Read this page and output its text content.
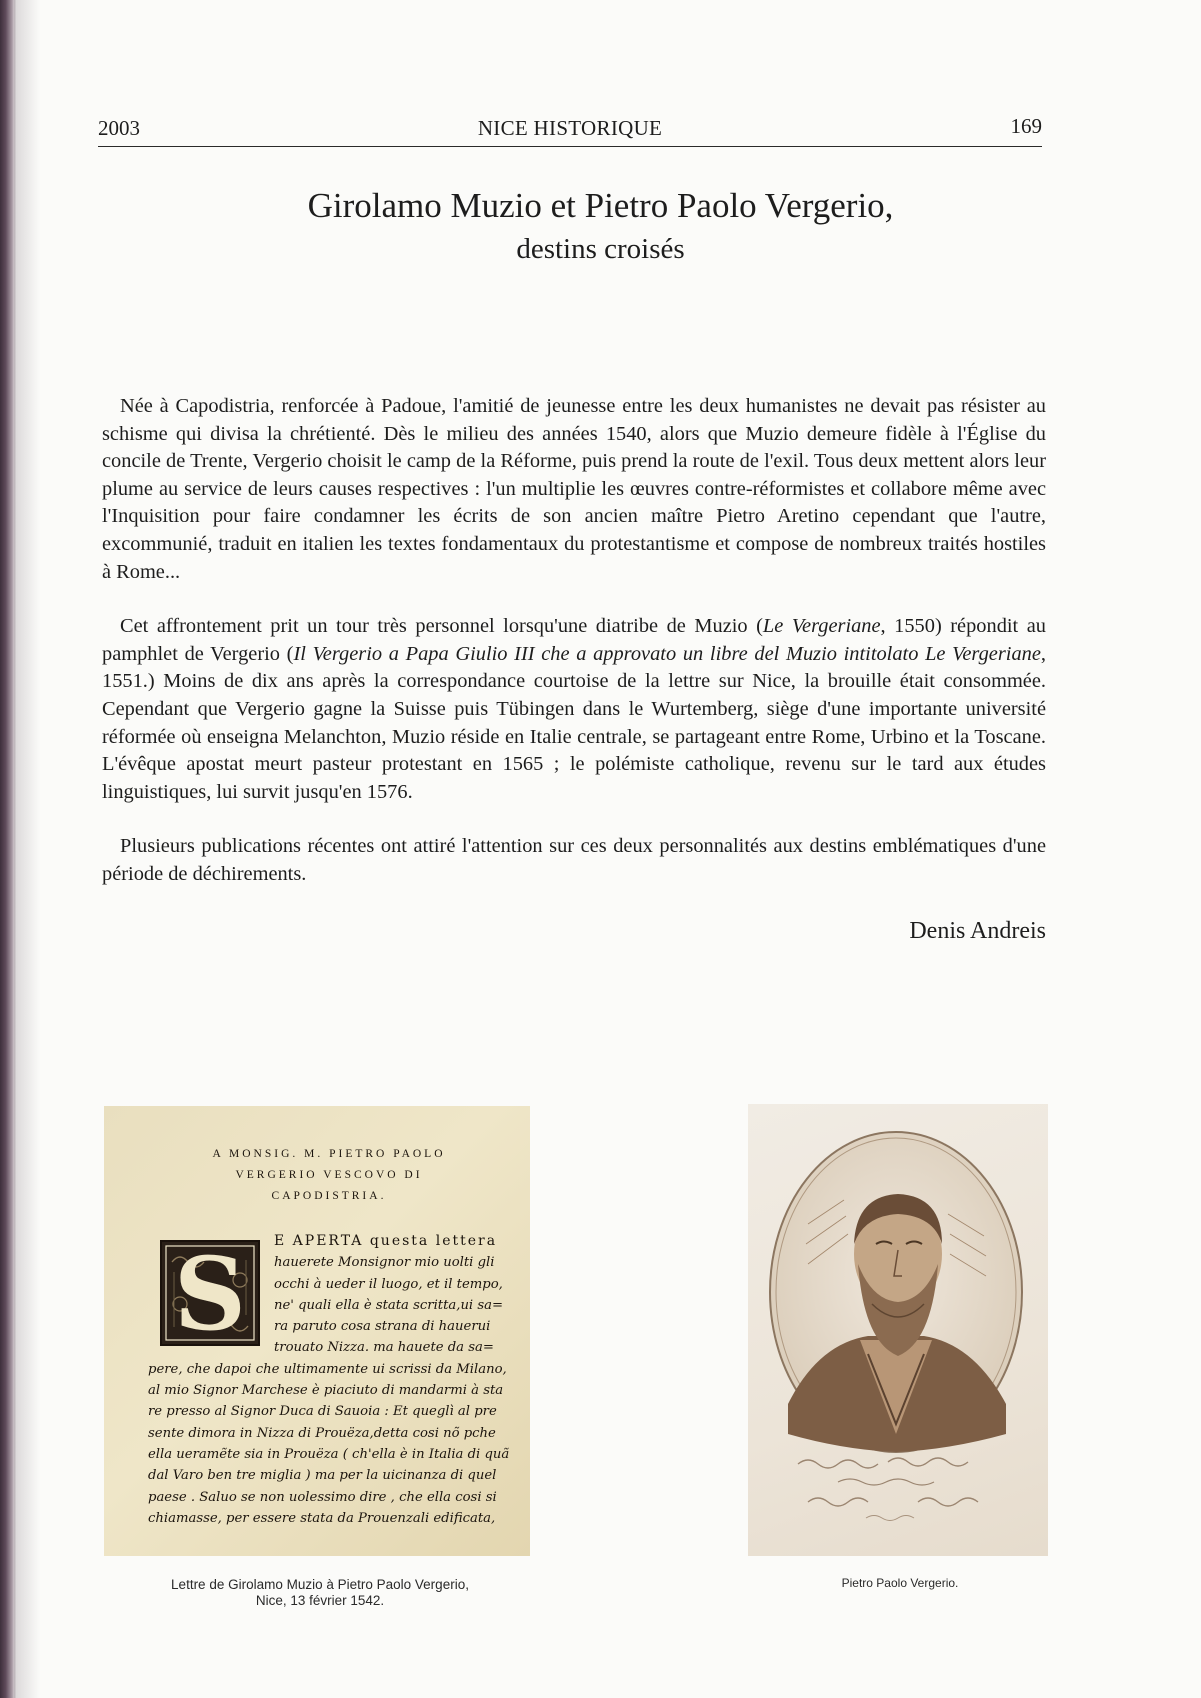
2003	NICE HISTORIQUE	169
Girolamo Muzio et Pietro Paolo Vergerio,
destins croisés

Née à Capodistria, renforcée à Padoue, l'amitié de jeunesse entre les deux humanistes ne devait pas résister au schisme qui divisa la chrétienté. Dès le milieu des années 1540, alors que Muzio demeure fidèle à l'Église du concile de Trente, Vergerio choisit le camp de la Réforme, puis prend la route de l'exil. Tous deux mettent alors leur plume au service de leurs causes respectives : l'un multiplie les œuvres contre-réformistes et collabore même avec l'Inquisition pour faire condamner les écrits de son ancien maître Pietro Aretino cependant que l'autre, excommunié, traduit en italien les textes fondamentaux du protestantisme et compose de nombreux traités hostiles à Rome...

Cet affrontement prit un tour très personnel lorsqu'une diatribe de Muzio (Le Vergeriane, 1550) répondit au pamphlet de Vergerio (Il Vergerio a Papa Giulio III che a approvato un libre del Muzio intitolato Le Vergeriane, 1551.) Moins de dix ans après la correspondance courtoise de la lettre sur Nice, la brouille était consommée. Cependant que Vergerio gagne la Suisse puis Tübingen dans le Wurtemberg, siège d'une importante université réformée où enseigna Melanchton, Muzio réside en Italie centrale, se partageant entre Rome, Urbino et la Toscane. L'évêque apostat meurt pasteur protestant en 1565 ; le polémiste catholique, revenu sur le tard aux études linguistiques, lui survit jusqu'en 1576.

Plusieurs publications récentes ont attiré l'attention sur ces deux personnalités aux destins emblématiques d'une période de déchirements.

Denis Andreis
A MONSIG. M. PIETRO PAOLO
VERGERIO VESCOVO DI
CAPODISTRIA.
S	E APERTA questa lettera
hauerete Monsignor mio uolti gli
occhi à ueder il luogo, et il tempo,
ne' quali ella è stata scritta,ui sa=
ra paruto cosa strana di hauerui
trouato Nizza. ma hauete da sa=
pere, che dapoi che ultimamente ui scrissi da Milano,
al mio Signor Marchese è piaciuto di mandarmi à sta
re presso al Signor Duca di Sauoia : Et queglì al pre
sente dimora in Nizza di Prouëza,detta cosi nõ pche
ella ueramẽte sia in Prouëza ( ch'ella è in Italia di quã
dal Varo ben tre miglia ) ma per la uicinanza di quel
paese . Saluo se non uolessimo dire , che ella cosi si
chiamasse, per essere stata da Prouenzali edificata,
Lettre de Girolamo Muzio à Pietro Paolo Vergerio,
Nice, 13 février 1542.
Pietro Paolo Vergerio.
